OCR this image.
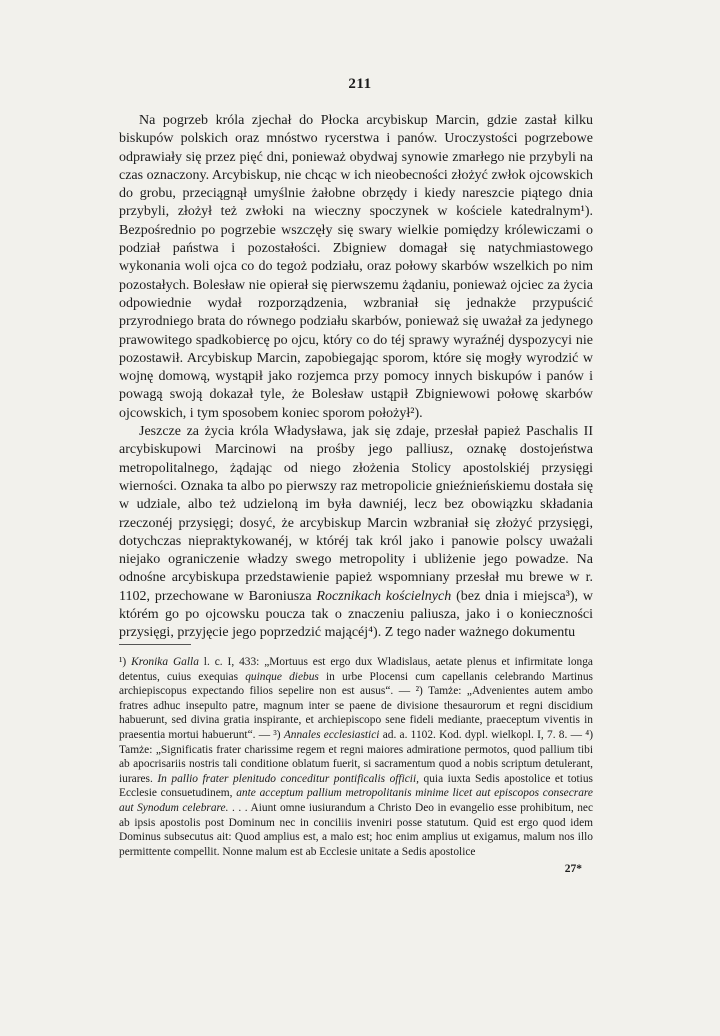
211

Na pogrzeb króla zjechał do Płocka arcybiskup Marcin, gdzie zastał kilku biskupów polskich oraz mnóstwo rycerstwa i panów. Uroczystości pogrzebowe odprawiały się przez pięć dni, ponieważ obydwaj synowie zmarłego nie przybyli na czas oznaczony. Arcybiskup, nie chcąc w ich nieobecności złożyć zwłok ojcowskich do grobu, przeciągnął umyślnie żałobne obrzędy i kiedy nareszcie piątego dnia przybyli, złożył też zwłoki na wieczny spoczynek w kościele katedralnym¹). Bezpośrednio po pogrzebie wszczęły się swary wielkie pomiędzy królewiczami o podział państwa i pozostałości. Zbigniew domagał się natychmiastowego wykonania woli ojca co do tegoż podziału, oraz połowy skarbów wszelkich po nim pozostałych. Bolesław nie opierał się pierwszemu żądaniu, ponieważ ojciec za życia odpowiednie wydał rozporządzenia, wzbraniał się jednakże przypuścić przyrodniego brata do równego podziału skarbów, ponieważ się uważał za jedynego prawowitego spadkobiercę po ojcu, który co do téj sprawy wyraźnéj dyspozycyi nie pozostawił. Arcybiskup Marcin, zapobiegając sporom, które się mogły wyrodzić w wojnę domową, wystąpił jako rozjemca przy pomocy innych biskupów i panów i powagą swoją dokazał tyle, że Bolesław ustąpił Zbigniewowi połowę skarbów ojcowskich, i tym sposobem koniec sporom położył²).

Jeszcze za życia króla Władysława, jak się zdaje, przesłał papież Paschalis II arcybiskupowi Marcinowi na prośby jego palliusz, oznakę dostojeństwa metropolitalnego, żądając od niego złożenia Stolicy apostolskiéj przysięgi wierności. Oznaka ta albo po pierwszy raz metropolicie gnieźnieńskiemu dostała się w udziale, albo też udzieloną im była dawniéj, lecz bez obowiązku składania rzeczonéj przysięgi; dosyć, że arcybiskup Marcin wzbraniał się złożyć przysięgi, dotychczas niepraktykowanéj, w któréj tak król jako i panowie polscy uważali niejako ograniczenie władzy swego metropolity i ubliżenie jego powadze. Na odnośne arcybiskupa przedstawienie papież wspomniany przesłał mu brewe w r. 1102, przechowane w Baroniusza Rocznikach kościelnych (bez dnia i miejsca³), w którém go po ojcowsku poucza tak o znaczeniu paliusza, jako i o konieczności przysięgi, przyjęcie jego poprzedzić mającéj⁴). Z tego nader ważnego dokumentu

¹) Kronika Galla l. c. I, 433: „Mortuus est ergo dux Wladislaus, aetate plenus et infirmitate longa detentus, cuius exequias quinque diebus in urbe Plocensi cum capellanis celebrando Martinus archiepiscopus expectando filios sepelire non est ausus“. — ²) Tamże: „Advenientes autem ambo fratres adhuc insepulto patre, magnum inter se paene de divisione thesaurorum et regni discidium habuerunt, sed divina gratia inspirante, et archiepiscopo sene fideli mediante, praeceptum viventis in praesentia mortui habuerunt“. — ³) Annales ecclesiastici ad. a. 1102. Kod. dypl. wielkopl. I, 7. 8. — ⁴) Tamże: „Significatis frater charissime regem et regni maiores admiratione permotos, quod pallium tibi ab apocrisariis nostris tali conditione oblatum fuerit, si sacramentum quod a nobis scriptum detulerant, iurares. In pallio frater plenitudo conceditur pontificalis officii, quia iuxta Sedis apostolice et totius Ecclesie consuetudinem, ante acceptum pallium metropolitanis minime licet aut episcopos consecrare aut Synodum celebrare. . . . Aiunt omne iusiurandum a Christo Deo in evangelio esse prohibitum, nec ab ipsis apostolis post Dominum nec in conciliis inveniri posse statutum. Quid est ergo quod idem Dominus subsecutus ait: Quod amplius est, a malo est; hoc enim amplius ut exigamus, malum nos illo permittente compellit. Nonne malum est ab Ecclesie unitate a Sedis apostolice

27*
